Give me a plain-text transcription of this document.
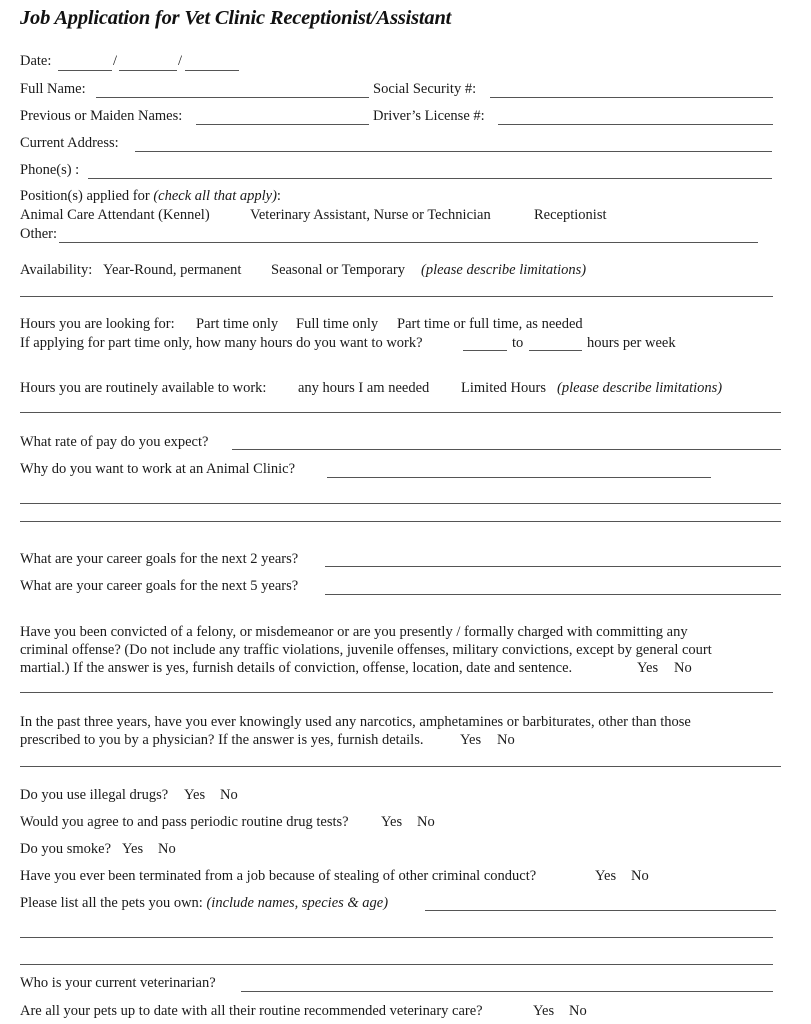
Job Application for Vet Clinic Receptionist/Assistant
Date:	/	/
Full Name:	Social Security #:
Previous or Maiden Names:	Driver’s License #:
Current Address:
Phone(s) :
Position(s) applied for (check all that apply):
Animal Care Attendant (Kennel)	Veterinary Assistant, Nurse or Technician	Receptionist
Other:
Availability: Year-Round, permanent Seasonal or Temporary (please describe limitations)
Hours you are looking for: Part time only Full time only Part time or full time, as needed
If applying for part time only, how many hours do you want to work?	to	hours per week
Hours you are routinely available to work: any hours I am needed Limited Hours (please describe limitations)
What rate of pay do you expect?
Why do you want to work at an Animal Clinic?
What are your career goals for the next 2 years?
What are your career goals for the next 5 years?
Have you been convicted of a felony, or misdemeanor or are you presently / formally charged with committing any
criminal offense? (Do not include any traffic violations, juvenile offenses, military convictions, except by general court
martial.) If the answer is yes, furnish details of conviction, offense, location, date and sentence.	Yes No
In the past three years, have you ever knowingly used any narcotics, amphetamines or barbiturates, other than those
prescribed to you by a physician? If the answer is yes, furnish details.	Yes No
Do you use illegal drugs? Yes No
Would you agree to and pass periodic routine drug tests? Yes No
Do you smoke? Yes No
Have you ever been terminated from a job because of stealing of other criminal conduct?	Yes No
Please list all the pets you own: (include names, species & age)
Who is your current veterinarian?
Are all your pets up to date with all their routine recommended veterinary care?	Yes No
